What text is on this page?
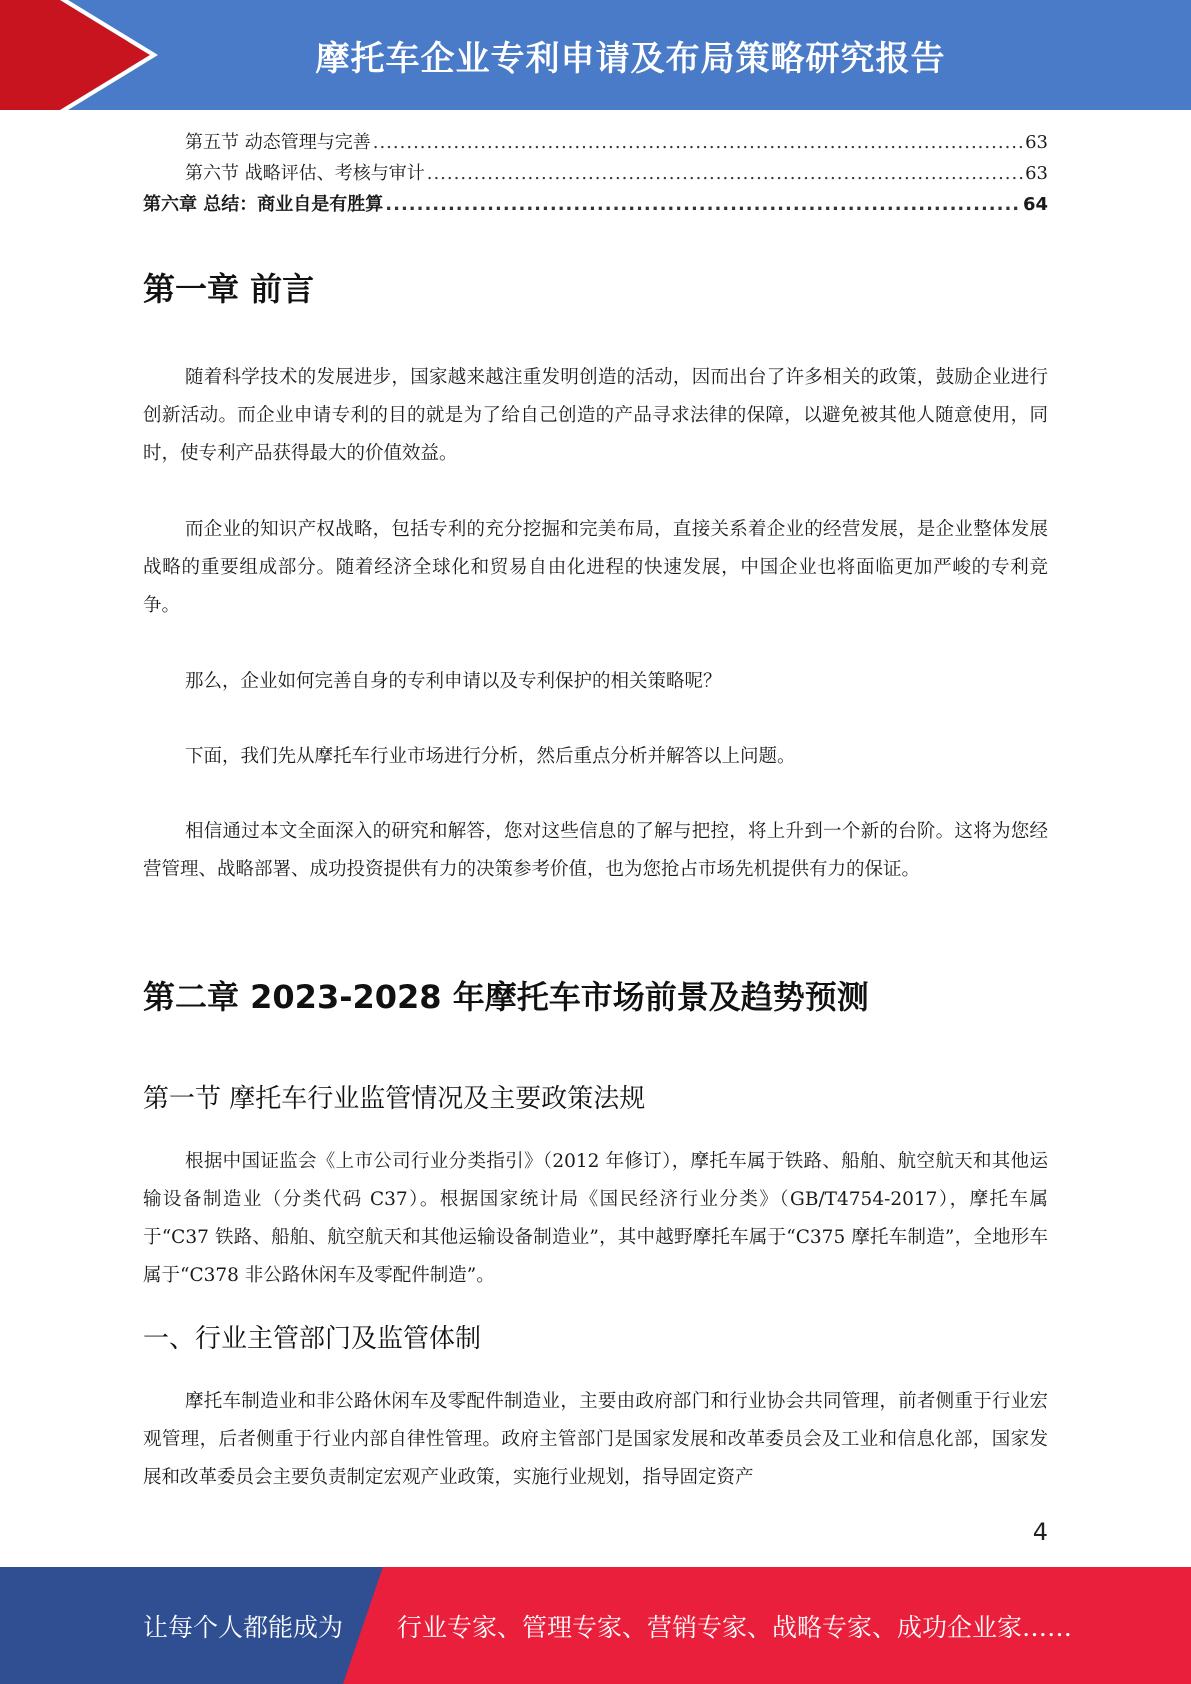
摩托车企业专利申请及布局策略研究报告
第五节 动态管理与完善 .....	63
第六节 战略评估、考核与审计 .....	63
第六章 总结：商业自是有胜算 .....	64
第一章 前言

随着科学技术的发展进步，国家越来越注重发明创造的活动，因而出台了许多相关的政策，鼓励企业进行创新活动。而企业申请专利的目的就是为了给自己创造的产品寻求法律的保障，以避免被其他人随意使用，同时，使专利产品获得最大的价值效益。

而企业的知识产权战略，包括专利的充分挖掘和完美布局，直接关系着企业的经营发展，是企业整体发展战略的重要组成部分。随着经济全球化和贸易自由化进程的快速发展，中国企业也将面临更加严峻的专利竞争。

那么，企业如何完善自身的专利申请以及专利保护的相关策略呢？

下面，我们先从摩托车行业市场进行分析，然后重点分析并解答以上问题。

相信通过本文全面深入的研究和解答，您对这些信息的了解与把控，将上升到一个新的台阶。这将为您经营管理、战略部署、成功投资提供有力的决策参考价值，也为您抢占市场先机提供有力的保证。

第二章 2023-2028 年摩托车市场前景及趋势预测
第一节 摩托车行业监管情况及主要政策法规

根据中国证监会《上市公司行业分类指引》（2012 年修订），摩托车属于铁路、船舶、航空航天和其他运输设备制造业（分类代码 C37）。根据国家统计局《国民经济行业分类》（GB/T4754-2017），摩托车属于“C37 铁路、船舶、航空航天和其他运输设备制造业”，其中越野摩托车属于“C375 摩托车制造”，全地形车属于“C378 非公路休闲车及零配件制造”。

一、行业主管部门及监管体制

摩托车制造业和非公路休闲车及零配件制造业，主要由政府部门和行业协会共同管理，前者侧重于行业宏观管理，后者侧重于行业内部自律性管理。政府主管部门是国家发展和改革委员会及工业和信息化部，国家发展和改革委员会主要负责制定宏观产业政策，实施行业规划，指导固定资产

4
让每个人都能成为 行业专家、管理专家、营销专家、战略专家、成功企业家……
